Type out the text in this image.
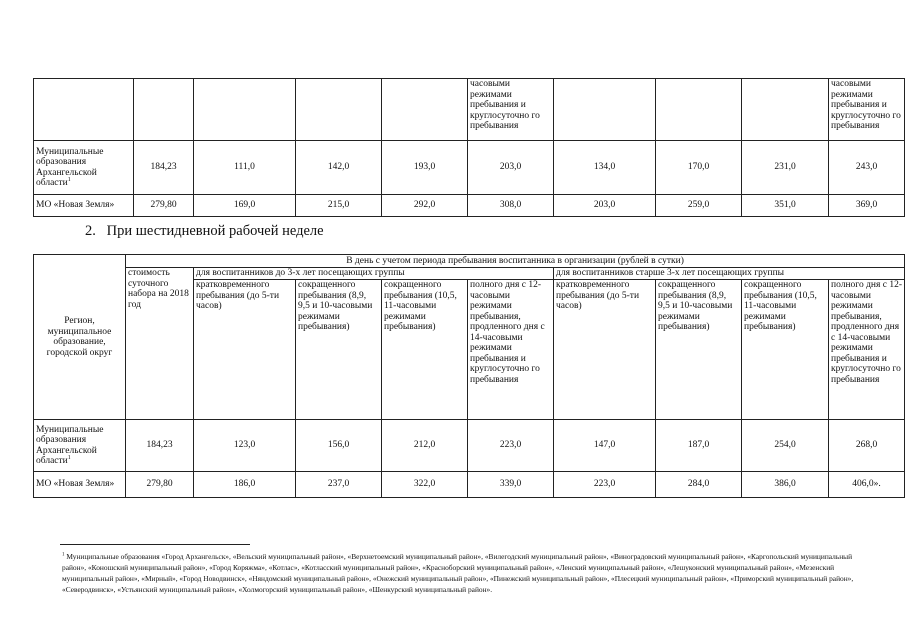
					часовыми режимами пребывания и круглосуточно го пребывания				часовыми режимами пребывания и круглосуточно го пребывания
Муниципальные образования Архангельской области$^1$	184,23	111,0	142,0	193,0	203,0	134,0	170,0	231,0	243,0
МО «Новая Земля»	279,80	169,0	215,0	292,0	308,0	203,0	259,0	351,0	369,0
2. При шестидневной рабочей неделе
Регион, муниципальное образование, городской округ	В день с учетом периода пребывания воспитанника в организации (рублей в сутки)								
	стоимость суточного набора на 2018 год	для воспитанников до 3-х лет посещающих группы				для воспитанников старше 3-х лет посещающих группы			
		кратковременного пребывания (до 5-ти часов)	сокращенного пребывания (8,9, 9,5 и 10-часовыми режимами пребывания)	сокращенного пребывания (10,5, 11-часовыми режимами пребывания)	полного дня с 12-часовыми режимами пребывания, продленного дня с 14-часовыми режимами пребывания и круглосуточно го пребывания	кратковременного пребывания (до 5-ти часов)	сокращенного пребывания (8,9, 9,5 и 10-часовыми режимами пребывания)	сокращенного пребывания (10,5, 11-часовыми режимами пребывания)	полного дня с 12-часовыми режимами пребывания, продленного дня с 14-часовыми режимами пребывания и круглосуточно го пребывания
Муниципальные образования Архангельской области$^1$	184,23	123,0	156,0	212,0	223,0	147,0	187,0	254,0	268,0
МО «Новая Земля»	279,80	186,0	237,0	322,0	339,0	223,0	284,0	386,0	406,0».
$^1$ Муниципальные образования «Город Архангельск», «Вельский муниципальный район», «Верхнетоемский муниципальный район», «Вилегодский муниципальный район», «Виноградовский муниципальный район», «Каргопольский муниципальный район», «Коношский муниципальный район», «Город Коряжма», «Котлас», «Котласский муниципальный район», «Красноборский муниципальный район», «Ленский муниципальный район», «Лешуконский муниципальный район», «Мезенский муниципальный район», «Мирный», «Город Новодвинск», «Няндомский муниципальный район», «Онежский муниципальный район», «Пинежский муниципальный район», «Плесецкий муниципальный район», «Приморский муниципальный район», «Северодвинск», «Устьянский муниципальный район», «Холмогорский муниципальный район», «Шенкурский муниципальный район».
